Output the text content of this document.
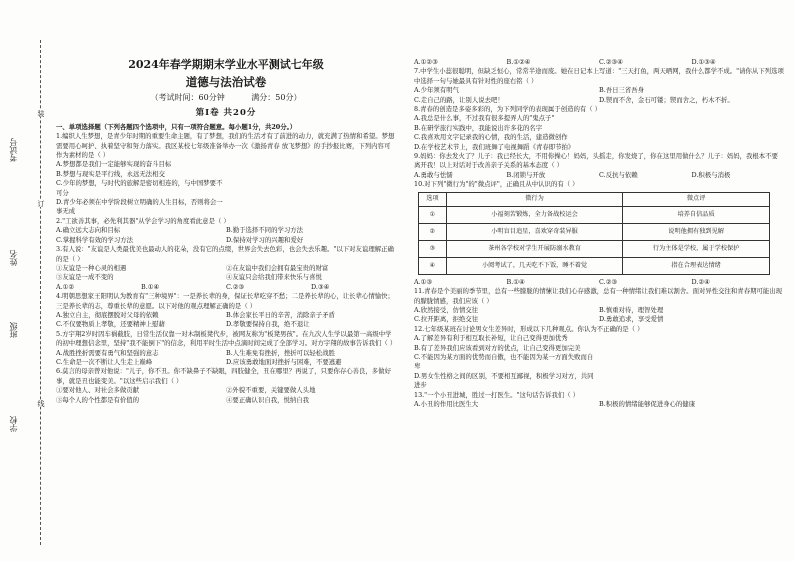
考试号
姓名
班级
学校
装
订
线
2024年春学期期末学业水平测试七年级
道德与法治试卷
（考试时间：60分钟	满分：50分）
第Ⅰ卷 共20分
一、单项选择题（下列各题四个选项中，只有一项符合题意。每小题1分，共20分。）

1.编织人生梦想，是青少年时期的重要生命主题，有了梦想，我们的生活才有了前进的动力，就充满了热情和希望。梦想需要用心呵护、执着坚守和努力落实。我区某校七年级准备举办一次《激扬青春 放飞梦想》的手抄报比赛，下列内容可作为素材的是（ ）

A.梦想都是我们一定能够实现的奋斗目标
B.梦想与现实是平行线，永远无法相交
C.少年的梦想，与时代的旅解是密切相连的，与中国梦要不可分
D.青少年必须在中学阶段树立明确的人生目标，否则将会一事无成

2."工欲善其事，必先利其器"从学会学习的角度看此意是（ ）

A.确立远大志向和目标	B.勤于选择不同的学习方法
C.掌握科学有效的学习方法	D.保持对学习的兴趣和爱好

3.有人说："友谊是人类最优美也最动人的花朵，没有它的点缀，世界会失去色彩，也会失去乐趣。"以下对友谊理解正确的是（ ）

①友谊是一种心灵的相遇	②在友谊中我们会拥有最宝贵的财富
③友谊是一成不变的	④友谊只会给我们带来快乐与喜悦
A.①②	B.①④	C.②③	D.③④

4.明朝思想家王阳明认为教育有"三种境界"：一是养长辈的身，保证长辈吃穿不愁；二是养长辈的心，让长辈心情愉快；三是养长辈的志，尊重长辈的意愿。以下对他的观点理解正确的是（ ）

A.独立自主，彻底摆脱对父母的依赖	B.体会家长平日的辛苦，消除亲子矛盾
C.不仅要物质上孝敬，还要精神上慰藉	D.孝敬要保持自我，绝不退让

5.方宇翔2岁时因车祸截肢，日常生活仅靠一对木制板凳代步，被网友称为"板凳男孩"。在九次人生学以最第一高级中学的初中理想信念里，坚持"我不能倒下"的信念，利用平时生活中点滴时间完成了全部学习。对方宇翔的故事告诉我们（ ）

A.战胜挫折需要有勇气和坚强的意志	B.人生难免有挫折，挫折可以轻松战胜
C.生命是一次不断让人生走上巅峰	D.应该勇敢地面对挫折与困难，不要逃避

6.莫言的母亲曾对他说："儿子，你不丑。你不缺鼻子不缺眼，四肢健全，丑在哪里？再说了，只要你存心善良，多做好事，就是丑也能变美。"以这些启示我们（ ）

①要对他人、对社会多做贡献	②外貌不重要，关键要做人头地
③每个人的个性都是有价值的	④要正确认识自我，悦纳自我
A.①②③	B.①②④	C.②③④	D.①③④

7.中学生小蕊很聪明，但缺乏恒心，常常半途而废。她在日记本上写道："三天打鱼，两天晒网，我什么都学不成。"请你从下列选项中选择一句与她最具有针对性的座右铭（ ）

A.少年须有明气	B.吾日三省吾身
C.走自己的路，让别人说去吧！	D.锲而不舍，金石可镂；锲而舍之，朽木不折。

8.青春的创造是多姿多彩的，为下列同学的表现属于创造的有（ ）

A.我总是什么事，不过我有很多提弄人的"鬼点子"
B.在研学旅行实践中，我能说出许多花的名字
C.我喜欢用文字记录我的心情，我的生活，建造微创作
D.在学校艺术节上，我们班舞了电视舞蹈《青春即节拍》

9.妈妈：你去发火了？儿子：我已经长大，不用你操心！妈妈，头摇走，你发烧了，你在这里用做什么？儿子：妈妈，我根本不要离开我！以上对话对于改善亲子关系的基本态度（ ）

A.勇敢与怯懦	B.闭锁与开放	C.反抗与依赖	D.积极与消极

10.对下列"微行为"的"微点评"，正确且从中认识的有（ ）

选项	微行为	微点评
①	小福刻苦锻炼，全力备战校运会	培养自信品质
②	小明盲目追星，喜欢穿奇装异服	说明他拥有独到见解
③	茶州各学校对学生开展防溺水教育	行为主体是学校，属于学校保护
④	小阅考试了，几天吃不下饭，睡不着觉	指在合理表达情绪
A.①③	B.①④	C.②③	D.②④

11.青春是个美丽的季节里，总有一些朦胧的情愫让我们心存感激，总有一种情绪让我们难以割舍。面对异性交往和青春期可能出现的朦胧情感，我们应该（ ）

A.欣然接受，仿情交往	B.慎重对待，理智处理
C.拉开距离，拒绝交往	D.勇敢追求，享受爱情

12.七年级某班在讨论男女生差异时，形成以下几种观点。你认为不正确的是（ ）

A.了解差异有利于相互取长补短，让自己变得更加优秀
B.有了差异我们应该看到对方的优点，让自己变得更加完美
C.不能因为某方面的优势而自傲，也不能因为某一方面失败而自卑
D.男女生性格之间的区别，不要相互鄙视，积极学习对方，共同进步

13."一个小丑进城，胜过一打医生。"这句话告诉我们（ ）

A.小丑的作用比医生大	B.积极的情绪能够促进身心的健康
